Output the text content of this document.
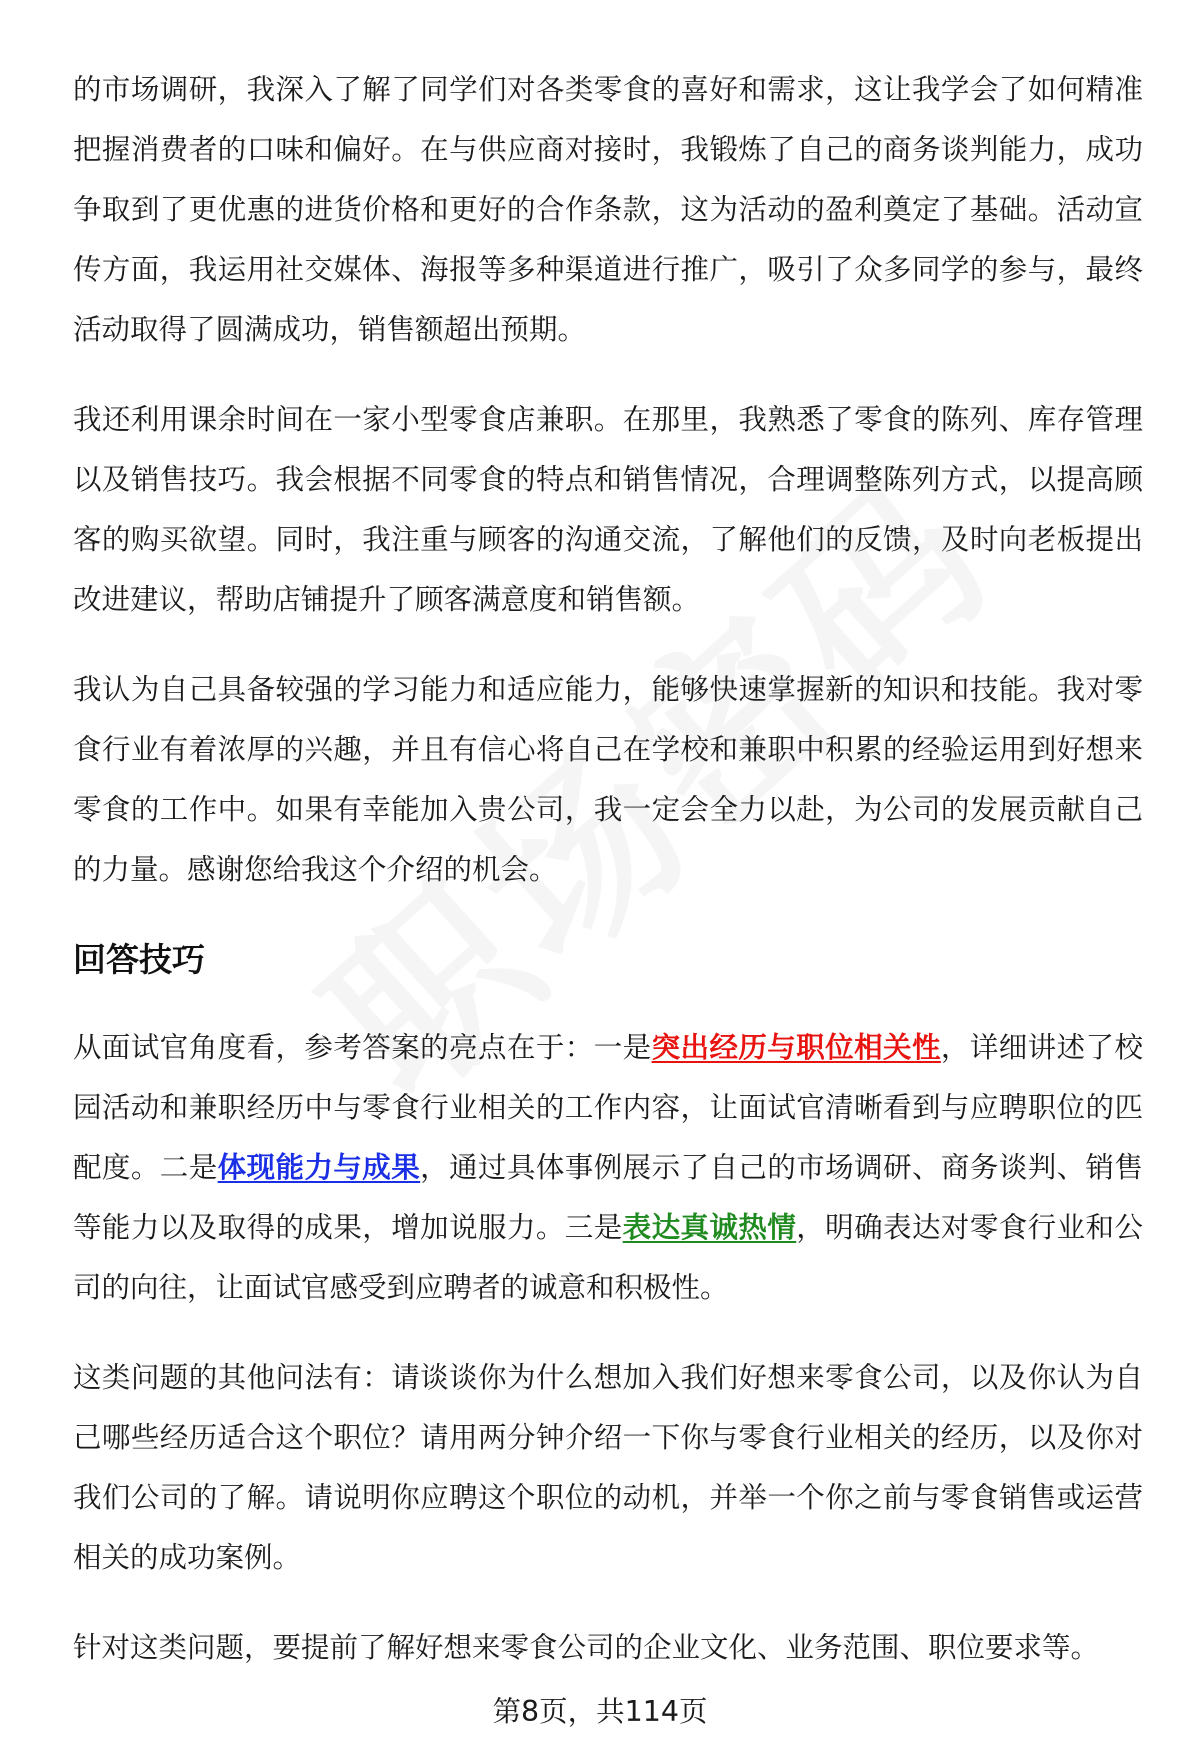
的市场调研，我深入了解了同学们对各类零食的喜好和需求，这让我学会了如何精准把握消费者的口味和偏好。在与供应商对接时，我锻炼了自己的商务谈判能力，成功争取到了更优惠的进货价格和更好的合作条款，这为活动的盈利奠定了基础。活动宣传方面，我运用社交媒体、海报等多种渠道进行推广，吸引了众多同学的参与，最终活动取得了圆满成功，销售额超出预期。

我还利用课余时间在一家小型零食店兼职。在那里，我熟悉了零食的陈列、库存管理以及销售技巧。我会根据不同零食的特点和销售情况，合理调整陈列方式，以提高顾客的购买欲望。同时，我注重与顾客的沟通交流，了解他们的反馈，及时向老板提出改进建议，帮助店铺提升了顾客满意度和销售额。

我认为自己具备较强的学习能力和适应能力，能够快速掌握新的知识和技能。我对零食行业有着浓厚的兴趣，并且有信心将自己在学校和兼职中积累的经验运用到好想来零食的工作中。如果有幸能加入贵公司，我一定会全力以赴，为公司的发展贡献自己的力量。感谢您给我这个介绍的机会。

回答技巧

从面试官角度看，参考答案的亮点在于：一是突出经历与职位相关性，详细讲述了校园活动和兼职经历中与零食行业相关的工作内容，让面试官清晰看到与应聘职位的匹配度。二是体现能力与成果，通过具体事例展示了自己的市场调研、商务谈判、销售等能力以及取得的成果，增加说服力。三是表达真诚热情，明确表达对零食行业和公司的向往，让面试官感受到应聘者的诚意和积极性。

这类问题的其他问法有：请谈谈你为什么想加入我们好想来零食公司，以及你认为自己哪些经历适合这个职位？请用两分钟介绍一下你与零食行业相关的经历，以及你对我们公司的了解。请说明你应聘这个职位的动机，并举一个你之前与零食销售或运营相关的成功案例。

针对这类问题，要提前了解好想来零食公司的企业文化、业务范围、职位要求等。

第8页，共114页
